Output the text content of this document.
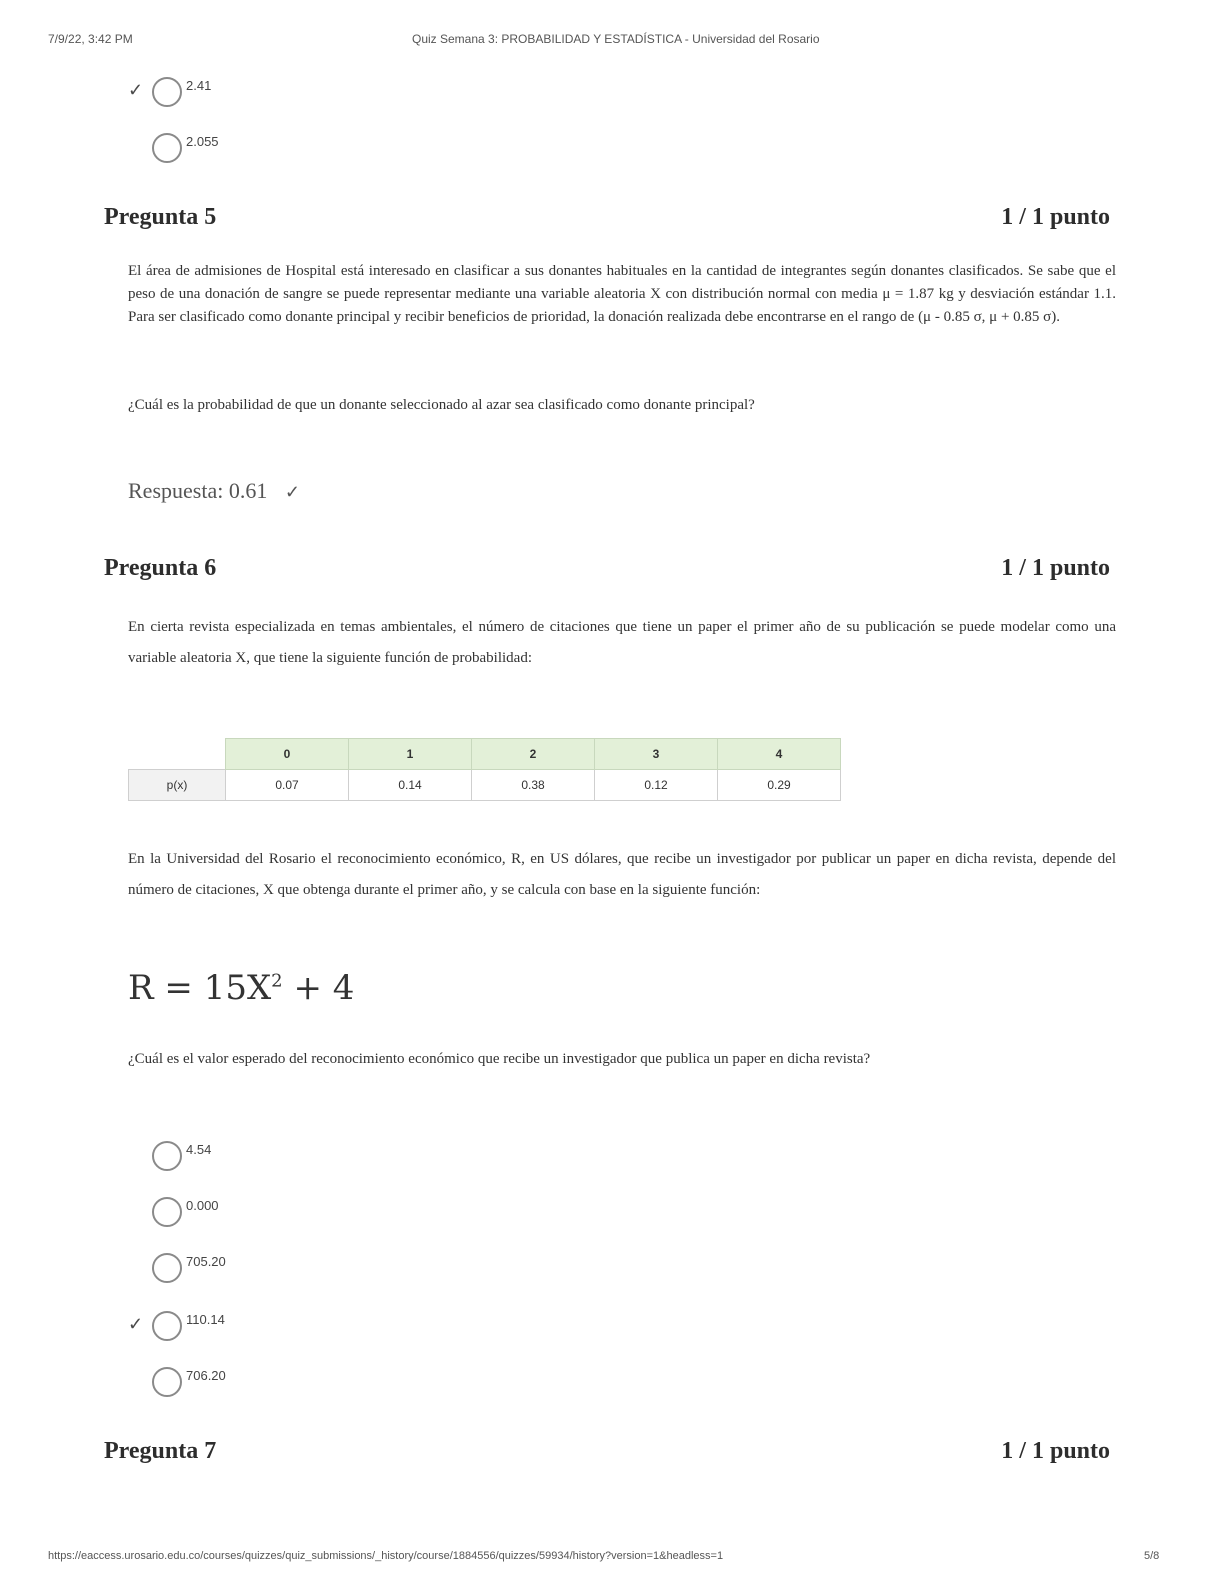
7/9/22, 3:42 PM	Quiz Semana 3: PROBABILIDAD Y ESTADÍSTICA - Universidad del Rosario
✓	2.41
2.055
Pregunta 5	1 / 1 punto
El área de admisiones de Hospital está interesado en clasificar a sus donantes habituales en la cantidad de integrantes según donantes clasificados. Se sabe que el peso de una donación de sangre se puede representar mediante una variable aleatoria X con distribución normal con media μ = 1.87 kg y desviación estándar 1.1. Para ser clasificado como donante principal y recibir beneficios de prioridad, la donación realizada debe encontrarse en el rango de (μ - 0.85 σ, μ + 0.85 σ).
¿Cuál es la probabilidad de que un donante seleccionado al azar sea clasificado como donante principal?
Respuesta: 0.61 ✓
Pregunta 6	1 / 1 punto
En cierta revista especializada en temas ambientales, el número de citaciones que tiene un paper el primer año de su publicación se puede modelar como una variable aleatoria X, que tiene la siguiente función de probabilidad:
	0	1	2	3	4
p(x)	0.07	0.14	0.38	0.12	0.29
En la Universidad del Rosario el reconocimiento económico, R, en US dólares, que recibe un investigador por publicar un paper en dicha revista, depende del número de citaciones, X que obtenga durante el primer año, y se calcula con base en la siguiente función:
$R = 15X^2 + 4$
¿Cuál es el valor esperado del reconocimiento económico que recibe un investigador que publica un paper en dicha revista?
4.54
0.000
705.20
✓	110.14
706.20
Pregunta 7	1 / 1 punto
https://eaccess.urosario.edu.co/courses/quizzes/quiz_submissions/_history/course/1884556/quizzes/59934/history?version=1&headless=1	5/8
